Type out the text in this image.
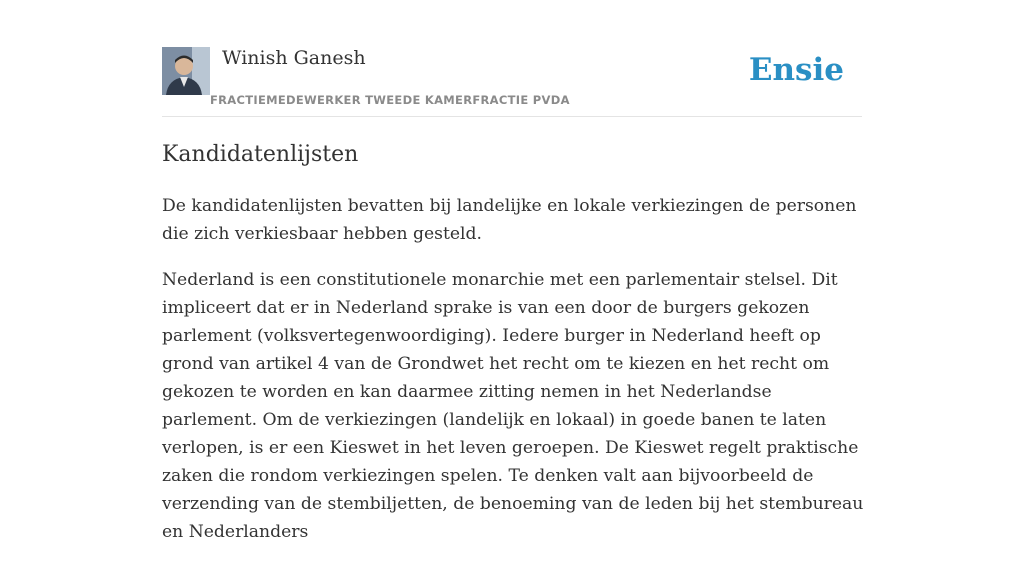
Winish Ganesh
FRACTIEMEDEWERKER TWEEDE KAMERFRACTIE PVDA
Ensie
Kandidatenlijsten

De kandidatenlijsten bevatten bij landelijke en lokale verkiezingen de personen die zich verkiesbaar hebben gesteld.

Nederland is een constitutionele monarchie met een parlementair stelsel. Dit impliceert dat er in Nederland sprake is van een door de burgers gekozen parlement (volksvertegenwoordiging). Iedere burger in Nederland heeft op grond van artikel 4 van de Grondwet het recht om te kiezen en het recht om gekozen te worden en kan daarmee zitting nemen in het Nederlandse parlement. Om de verkiezingen (landelijk en lokaal) in goede banen te laten verlopen, is er een Kieswet in het leven geroepen. De Kieswet regelt praktische zaken die rondom verkiezingen spelen. Te denken valt aan bijvoorbeeld de verzending van de stembiljetten, de benoeming van de leden bij het stembureau en Nederlanders
